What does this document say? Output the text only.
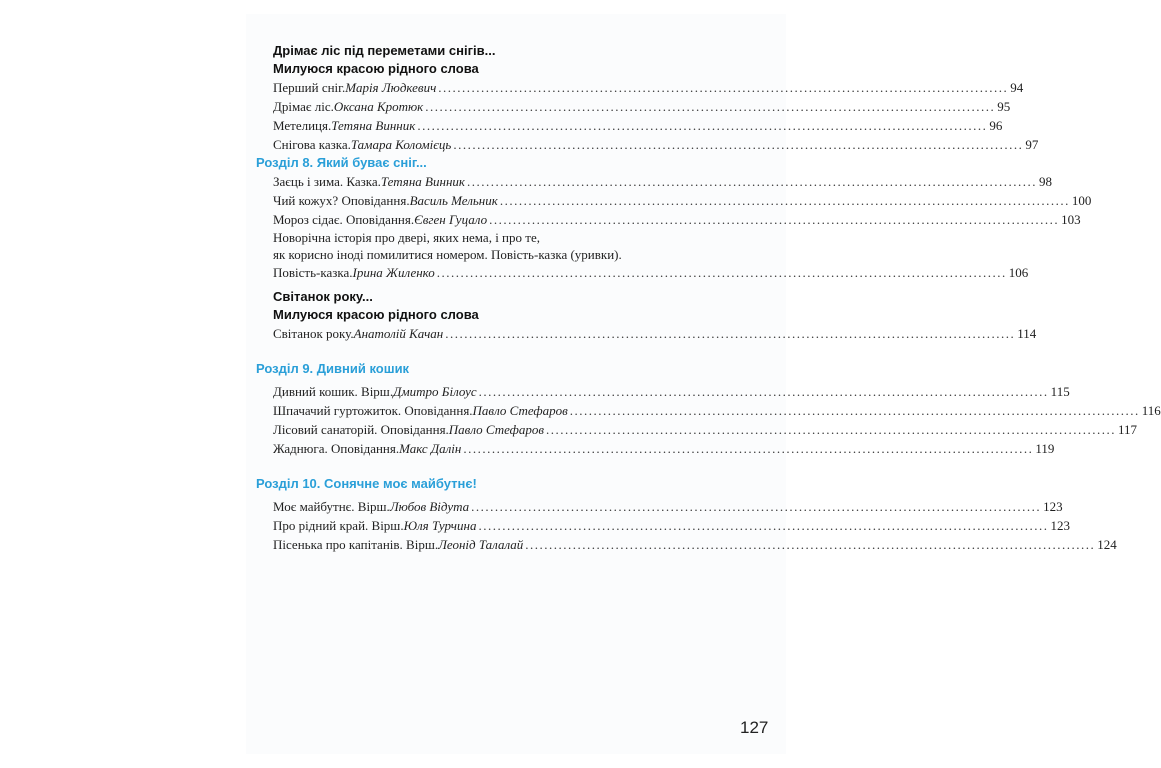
Дрімає ліс під переметами снігів...
Милуюся красою рідного слова
Перший сніг. Марія Людкевич ........................................................................................................................ 94
Дрімає ліс. Оксана Кротюк ........................................................................................................................ 95
Метелиця. Тетяна Винник ........................................................................................................................ 96
Снігова казка. Тамара Коломієць ........................................................................................................................ 97
Розділ 8. Який буває сніг...
Заєць і зима. Казка. Тетяна Винник ........................................................................................................................ 98
Чий кожух? Оповідання. Василь Мельник ........................................................................................................................ 100
Мороз сідає. Оповідання. Євген Гуцало ........................................................................................................................ 103
Новорічна історія про двері, яких нема, і про те,
як корисно іноді помилитися номером. Повість-казка (уривки).
Повість-казка. Ірина Жиленко ........................................................................................................................ 106
Світанок року...
Милуюся красою рідного слова
Світанок року. Анатолій Качан ........................................................................................................................ 114
Розділ 9. Дивний кошик
Дивний кошик. Вірш. Дмитро Білоус ........................................................................................................................ 115
Шпачачий гуртожиток. Оповідання. Павло Стефаров ........................................................................................................................ 116
Лісовий санаторій. Оповідання. Павло Стефаров ........................................................................................................................ 117
Жаднюга. Оповідання. Макс Далін ........................................................................................................................ 119
Розділ 10. Сонячне моє майбутнє!
Моє майбутнє. Вірш. Любов Відута ........................................................................................................................ 123
Про рідний край. Вірш. Юля Турчина ........................................................................................................................ 123
Пісенька про капітанів. Вірш. Леонід Талалай ........................................................................................................................ 124
127
